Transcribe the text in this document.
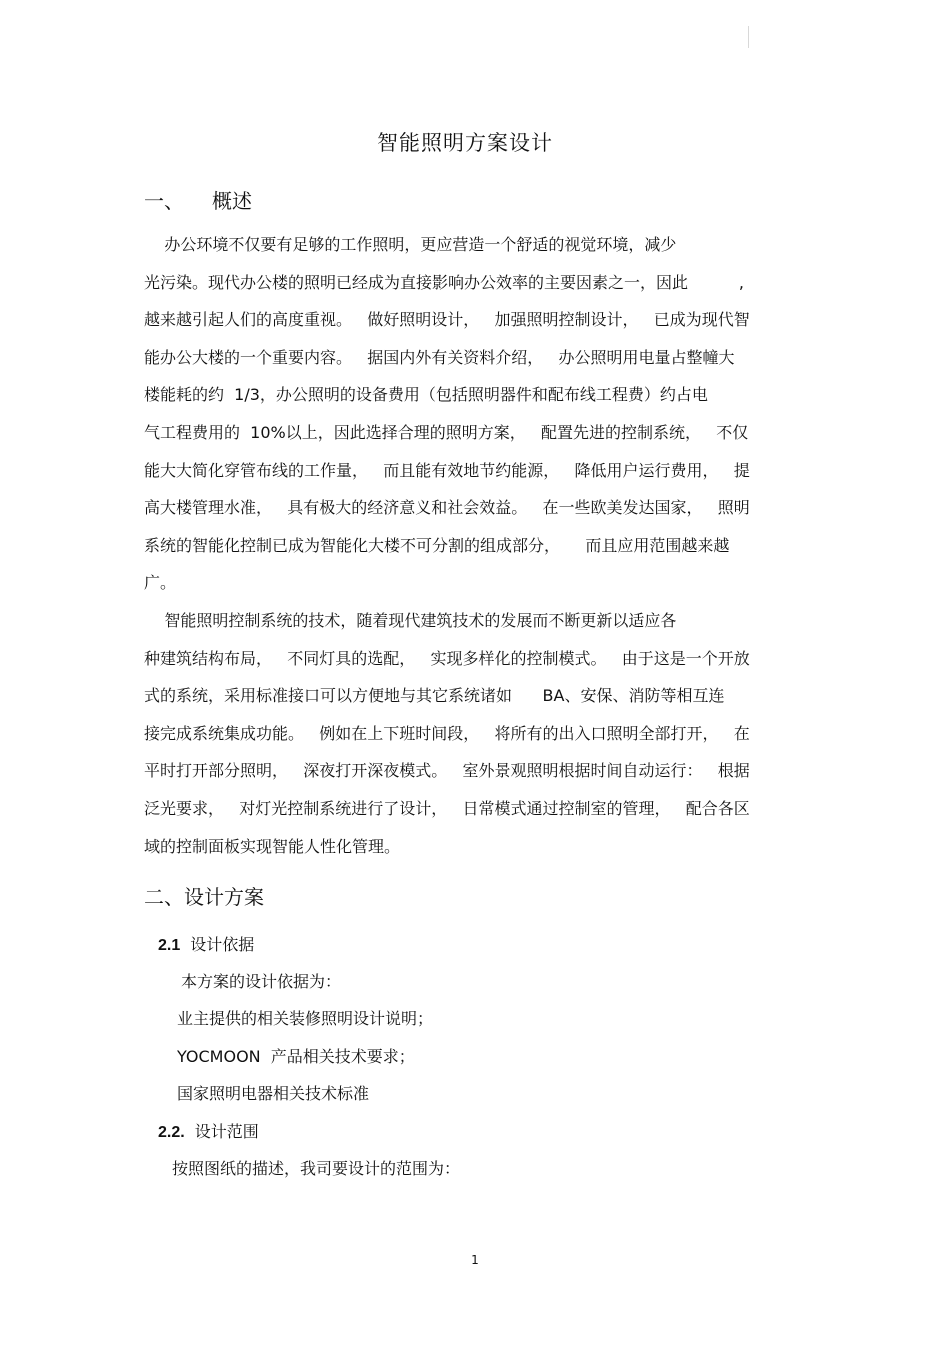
智能照明方案设计
一、 概述
办公环境不仅要有足够的工作照明，更应营造一个舒适的视觉环境，减少
光污染。现代办公楼的照明已经成为直接影响办公效率的主要因素之一，因此          ,
越来越引起人们的高度重视。   做好照明设计，   加强照明控制设计，   已成为现代智
能办公大楼的一个重要内容。   据国内外有关资料介绍，   办公照明用电量占整幢大
楼能耗的约  1/3，办公照明的设备费用（包括照明器件和配布线工程费）约占电
气工程费用的  10%以上，因此选择合理的照明方案，   配置先进的控制系统，   不仅
能大大简化穿管布线的工作量，   而且能有效地节约能源，   降低用户运行费用，   提
高大楼管理水准，   具有极大的经济意义和社会效益。   在一些欧美发达国家，   照明
系统的智能化控制已成为智能化大楼不可分割的组成部分，     而且应用范围越来越
广。
智能照明控制系统的技术，随着现代建筑技术的发展而不断更新以适应各
种建筑结构布局，   不同灯具的选配，   实现多样化的控制模式。   由于这是一个开放
式的系统，采用标准接口可以方便地与其它系统诸如      BA、安保、消防等相互连
接完成系统集成功能。   例如在上下班时间段，   将所有的出入口照明全部打开，   在
平时打开部分照明，   深夜打开深夜模式。   室外景观照明根据时间自动运行：   根据
泛光要求，   对灯光控制系统进行了设计，   日常模式通过控制室的管理，   配合各区
域的控制面板实现智能人性化管理。
二、设计方案
2.1 设计依据
本方案的设计依据为：
业主提供的相关装修照明设计说明；
YOCMOON  产品相关技术要求；
国家照明电器相关技术标准
2.2. 设计范围
按照图纸的描述，我司要设计的范围为：
1
